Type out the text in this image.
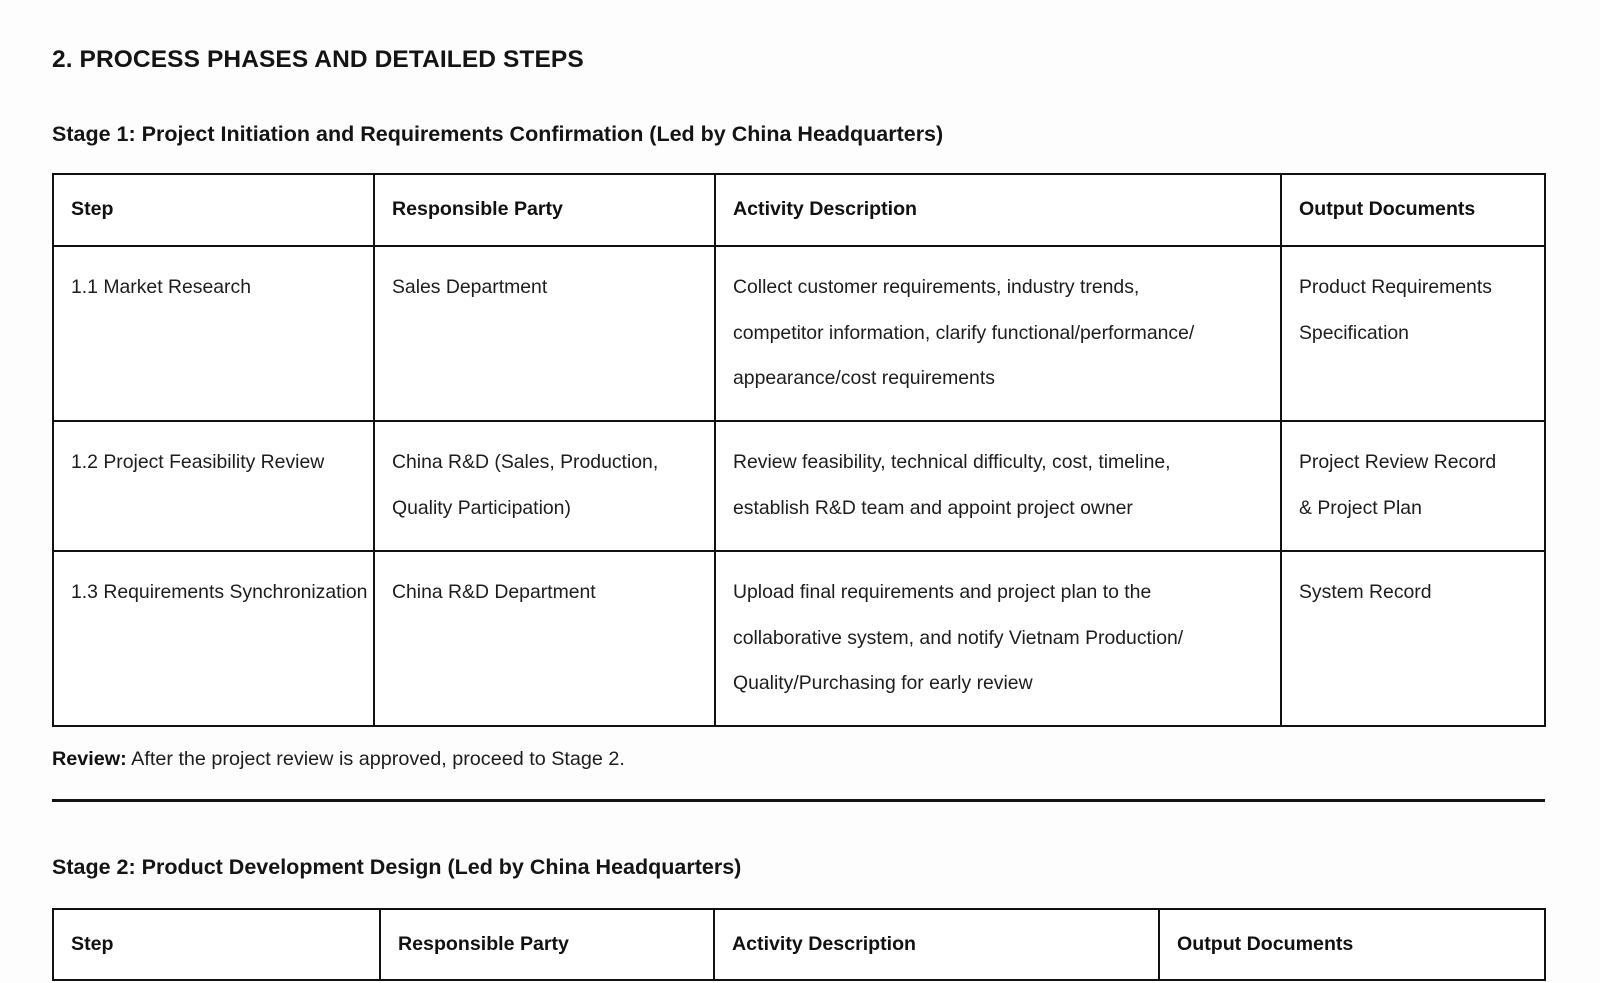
2. PROCESS PHASES AND DETAILED STEPS
Stage 1: Project Initiation and Requirements Confirmation (Led by China Headquarters)
Step	Responsible Party	Activity Description	Output Documents

1.1 Market Research	Sales Department	Collect customer requirements, industry trends,
competitor information, clarify functional/performance/
appearance/cost requirements	Product Requirements
Specification

1.2 Project Feasibility Review	China R&D (Sales, Production,
Quality Participation)	Review feasibility, technical difficulty, cost, timeline,
establish R&D team and appoint project owner	Project Review Record
& Project Plan

1.3 Requirements Synchronization	China R&D Department	Upload final requirements and project plan to the
collaborative system, and notify Vietnam Production/
Quality/Purchasing for early review	System Record

Review: After the project review is approved, proceed to Stage 2.

Stage 2: Product Development Design (Led by China Headquarters)
Step	Responsible Party	Activity Description	Output Documents
